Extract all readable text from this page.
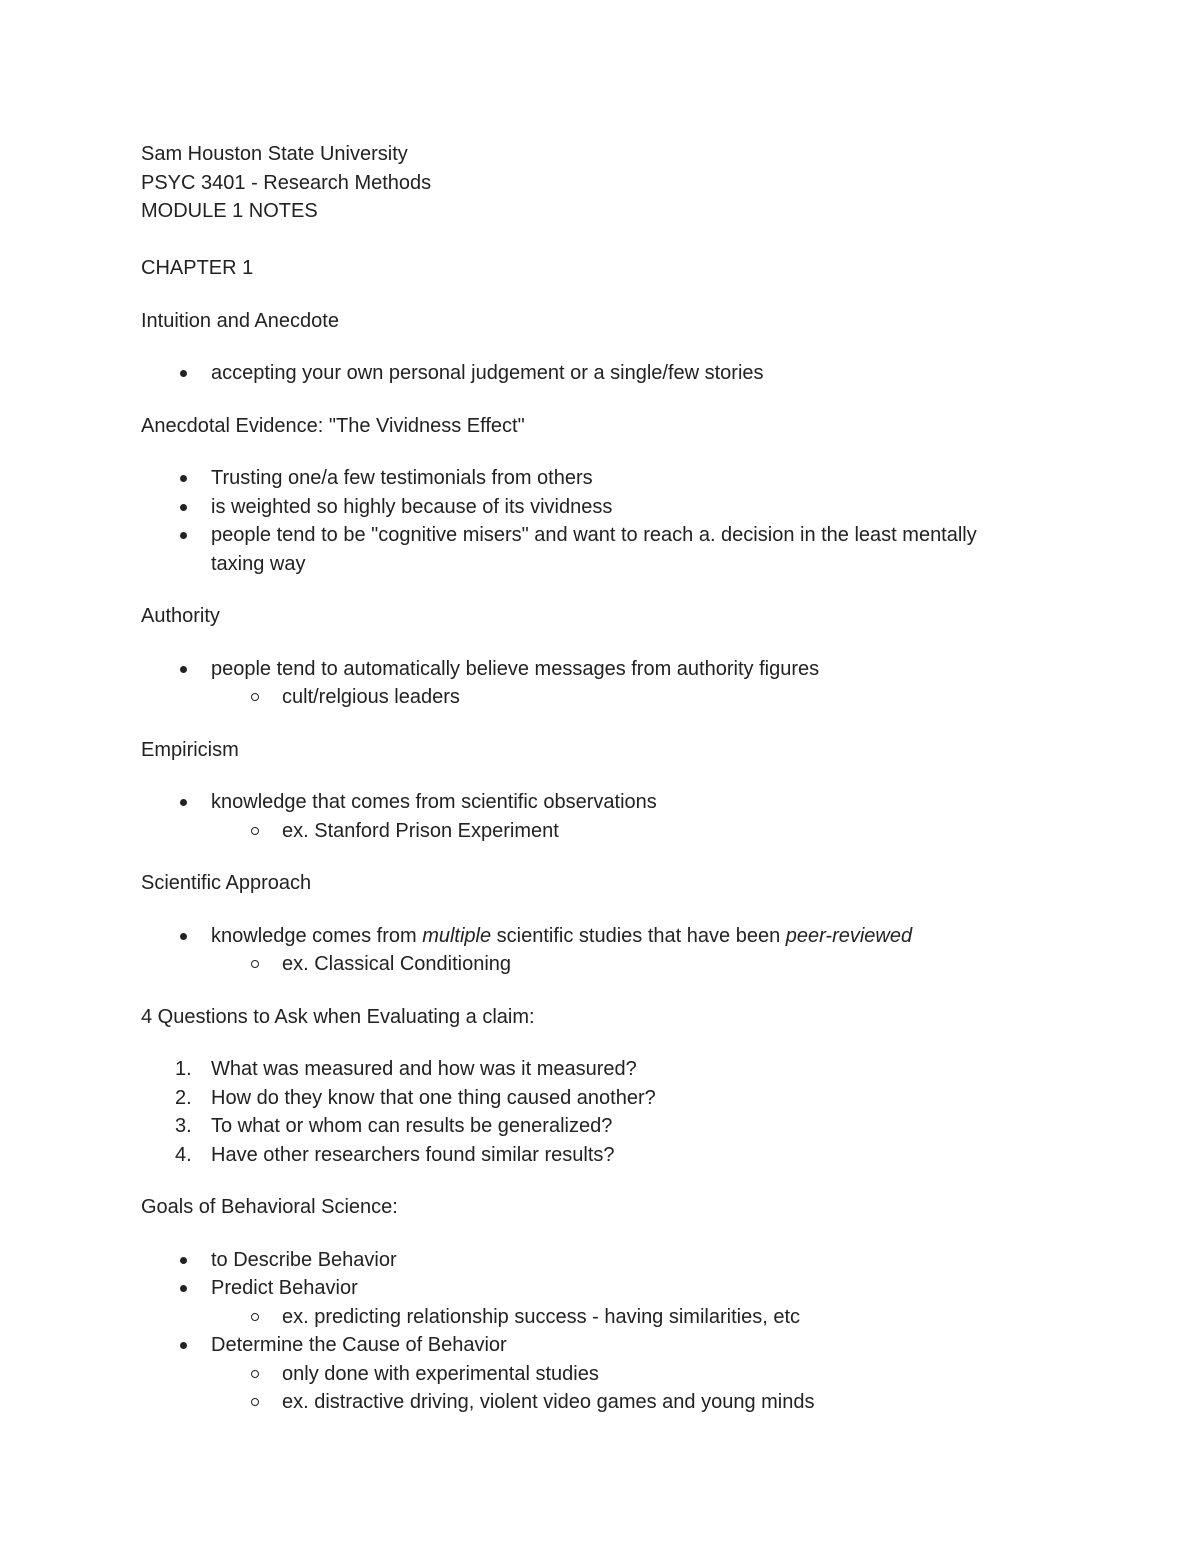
Sam Houston State University
PSYC 3401 - Research Methods
MODULE 1 NOTES
CHAPTER 1
Intuition and Anecdote
accepting your own personal judgement or a single/few stories
Anecdotal Evidence: "The Vividness Effect"
Trusting one/a few testimonials from others
is weighted so highly because of its vividness
people tend to be "cognitive misers" and want to reach a. decision in the least mentally
taxing way
Authority
people tend to automatically believe messages from authority figures
cult/relgious leaders
Empiricism
knowledge that comes from scientific observations
ex. Stanford Prison Experiment
Scientific Approach
knowledge comes from multiple scientific studies that have been peer-reviewed
ex. Classical Conditioning
4 Questions to Ask when Evaluating a claim:
1. What was measured and how was it measured?
2. How do they know that one thing caused another?
3. To what or whom can results be generalized?
4. Have other researchers found similar results?
Goals of Behavioral Science:
to Describe Behavior
Predict Behavior
ex. predicting relationship success - having similarities, etc
Determine the Cause of Behavior
only done with experimental studies
ex. distractive driving, violent video games and young minds
